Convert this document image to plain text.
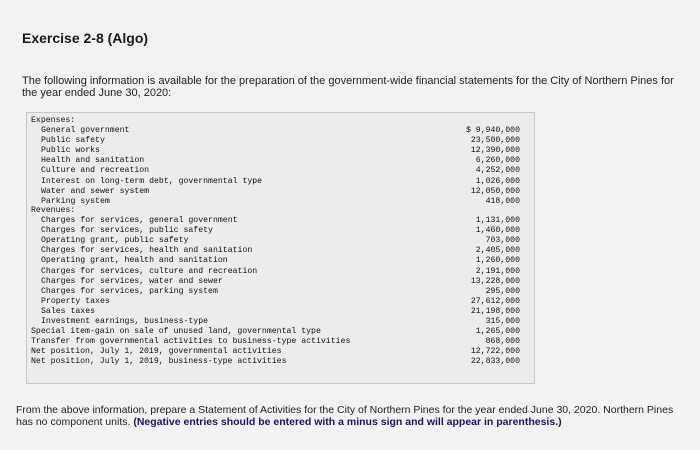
Exercise 2-8 (Algo)
The following information is available for the preparation of the government-wide financial statements for the City of Northern Pines for the year ended June 30, 2020:
Expenses:
General government	$ 9,940,000
Public safety	23,500,000
Public works	12,390,000
Health and sanitation	6,260,000
Culture and recreation	4,252,000
Interest on long-term debt, governmental type	1,026,000
Water and sewer system	12,050,000
Parking system	418,000
Revenues:
Charges for services, general government	1,131,000
Charges for services, public safety	1,460,000
Operating grant, public safety	703,000
Charges for services, health and sanitation	2,405,000
Operating grant, health and sanitation	1,260,000
Charges for services, culture and recreation	2,191,000
Charges for services, water and sewer	13,228,000
Charges for services, parking system	295,000
Property taxes	27,612,000
Sales taxes	21,198,000
Investment earnings, business-type	315,000
Special item-gain on sale of unused land, governmental type	1,265,000
Transfer from governmental activities to business-type activities	868,000
Net position, July 1, 2019, governmental activities	12,722,000
Net position, July 1, 2019, business-type activities	22,833,000
From the above information, prepare a Statement of Activities for the City of Northern Pines for the year ended June 30, 2020. Northern Pines has no component units. (Negative entries should be entered with a minus sign and will appear in parenthesis.)
